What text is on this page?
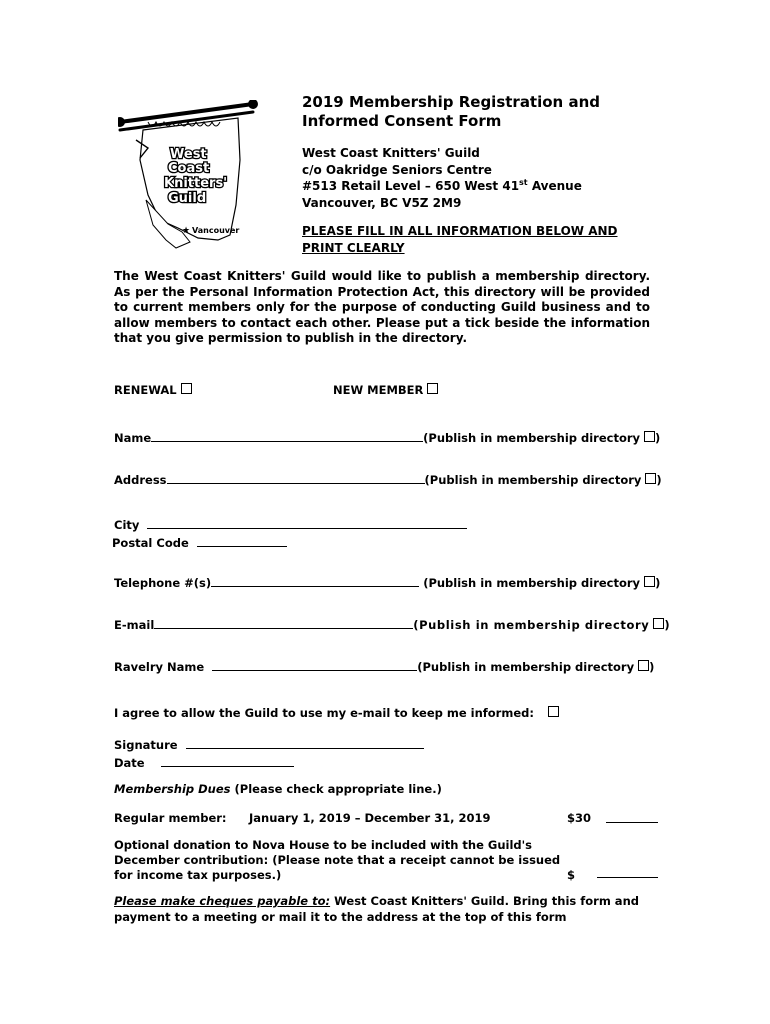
West
Coast
Knitters'
Guild
★ Vancouver
2019 Membership Registration and
Informed Consent Form
West Coast Knitters' Guild
c/o Oakridge Seniors Centre
#513 Retail Level – 650 West 41st Avenue
Vancouver, BC V5Z 2M9
PLEASE FILL IN ALL INFORMATION BELOW AND
PRINT CLEARLY
The West Coast Knitters' Guild would like to publish a membership directory. As per the Personal Information Protection Act, this directory will be provided to current members only for the purpose of conducting Guild business and to allow members to contact each other. Please put a tick beside the information that you give permission to publish in the directory.
RENEWAL	NEW MEMBER
Name	(Publish in membership directory )
Address	(Publish in membership directory )
City
Postal Code
Telephone #(s)	(Publish in membership directory )
E-mail	(Publish in membership directory )
Ravelry Name	(Publish in membership directory )
I agree to allow the Guild to use my e-mail to keep me informed:
Signature
Date
Membership Dues (Please check appropriate line.)
Regular member: January 1, 2019 – December 31, 2019	$30
Optional donation to Nova House to be included with the Guild's
December contribution: (Please note that a receipt cannot be issued
for income tax purposes.)	$
Please make cheques payable to: West Coast Knitters' Guild. Bring this form and
payment to a meeting or mail it to the address at the top of this form
